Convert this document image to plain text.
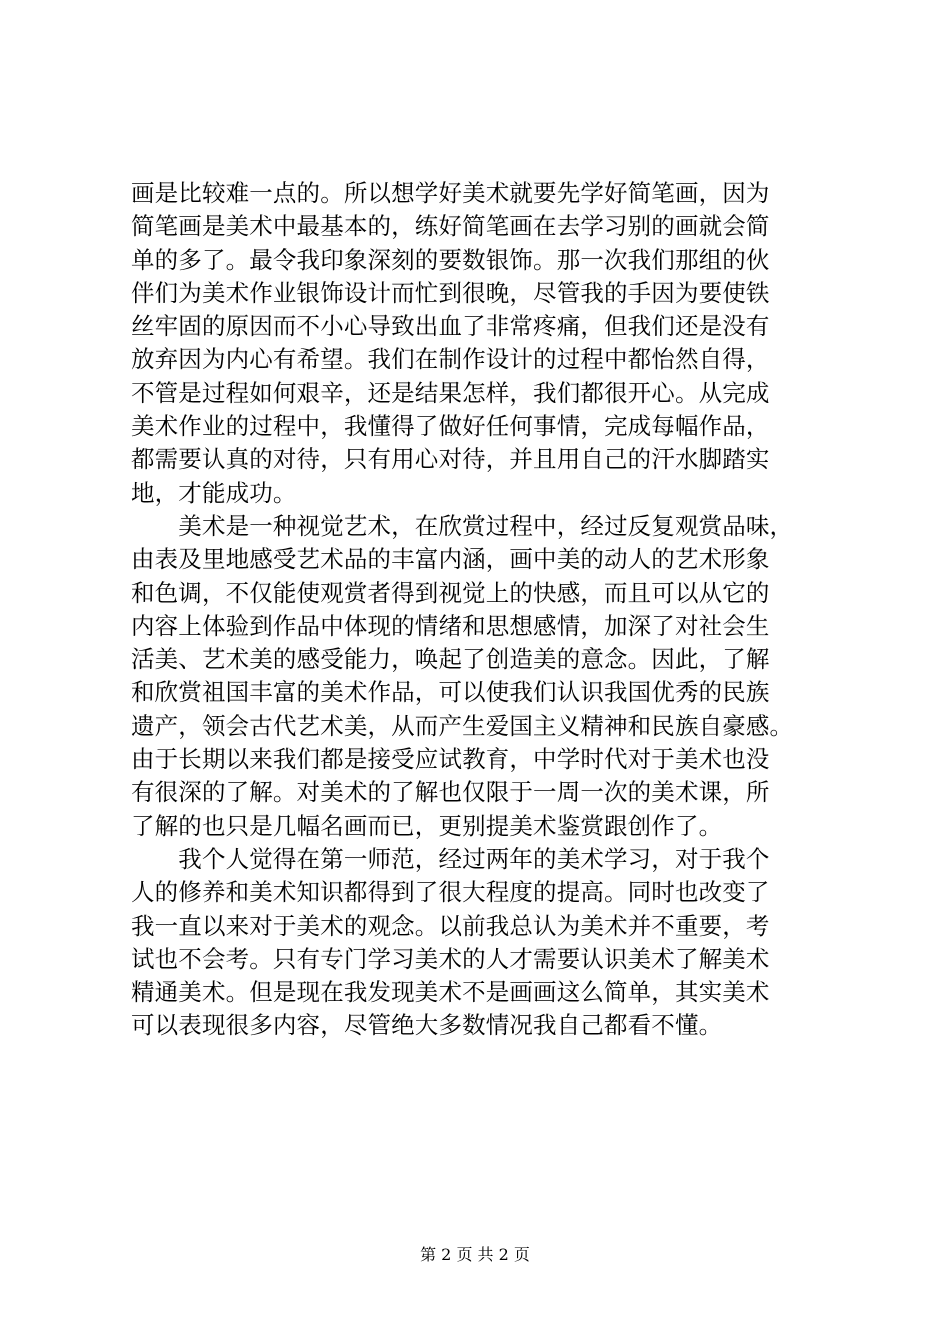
画是比较难一点的。所以想学好美术就要先学好简笔画，因为
简笔画是美术中最基本的，练好简笔画在去学习别的画就会简
单的多了。最令我印象深刻的要数银饰。那一次我们那组的伙
伴们为美术作业银饰设计而忙到很晚，尽管我的手因为要使铁
丝牢固的原因而不小心导致出血了非常疼痛，但我们还是没有
放弃因为内心有希望。我们在制作设计的过程中都怡然自得，
不管是过程如何艰辛，还是结果怎样，我们都很开心。从完成
美术作业的过程中，我懂得了做好任何事情，完成每幅作品，
都需要认真的对待，只有用心对待，并且用自己的汗水脚踏实
地，才能成功。
　　美术是一种视觉艺术，在欣赏过程中，经过反复观赏品味，
由表及里地感受艺术品的丰富内涵，画中美的动人的艺术形象
和色调，不仅能使观赏者得到视觉上的快感，而且可以从它的
内容上体验到作品中体现的情绪和思想感情，加深了对社会生
活美、艺术美的感受能力，唤起了创造美的意念。因此，了解
和欣赏祖国丰富的美术作品，可以使我们认识我国优秀的民族
遗产，领会古代艺术美，从而产生爱国主义精神和民族自豪感。
由于长期以来我们都是接受应试教育，中学时代对于美术也没
有很深的了解。对美术的了解也仅限于一周一次的美术课，所
了解的也只是几幅名画而已，更别提美术鉴赏跟创作了。
　　我个人觉得在第一师范，经过两年的美术学习，对于我个
人的修养和美术知识都得到了很大程度的提高。同时也改变了
我一直以来对于美术的观念。以前我总认为美术并不重要，考
试也不会考。只有专门学习美术的人才需要认识美术了解美术
精通美术。但是现在我发现美术不是画画这么简单，其实美术
可以表现很多内容，尽管绝大多数情况我自己都看不懂。
第 2 页 共 2 页
